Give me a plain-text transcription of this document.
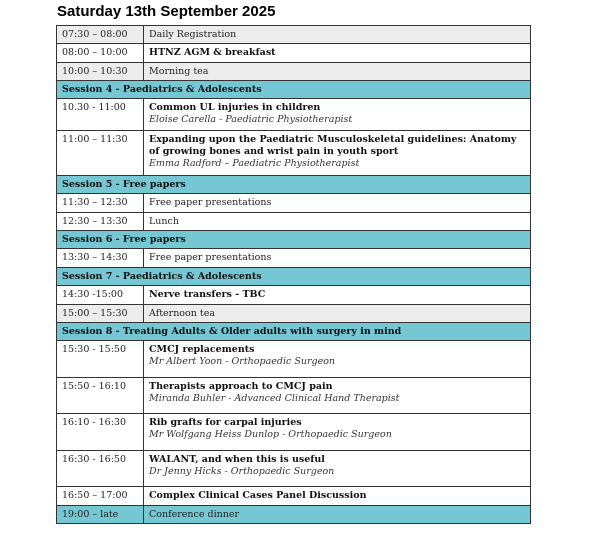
Saturday 13th September 2025
07:30 – 08:00	Daily Registration

08:00 – 10:00	HTNZ AGM & breakfast

10:00 – 10:30	Morning tea

Session 4 - Paediatrics & Adolescents	
10.30 - 11:00	Common UL injuries in children
Eloise Carella - Paediatric Physiotherapist

11:00 – 11:30	Expanding upon the Paediatric Musculoskeletal guidelines: Anatomy of growing bones and wrist pain in youth sport
Emma Radford – Paediatric Physiotherapist

Session 5 - Free papers	
11:30 – 12:30	Free paper presentations

12:30 – 13:30	Lunch

Session 6 - Free papers	
13:30 – 14:30	Free paper presentations

Session 7 - Paediatrics & Adolescents	
14:30 -15:00	Nerve transfers - TBC

15:00 – 15:30	Afternoon tea

Session 8 - Treating Adults & Older adults with surgery in mind	
15:30 - 15:50	CMCJ replacements
Mr Albert Yoon - Orthopaedic Surgeon

15:50 - 16:10	Therapists approach to CMCJ pain
Miranda Buhler - Advanced Clinical Hand Therapist

16:10 - 16:30	Rib grafts for carpal injuries
Mr Wolfgang Heiss Dunlop - Orthopaedic Surgeon

16:30 - 16:50	WALANT, and when this is useful
Dr Jenny Hicks - Orthopaedic Surgeon

16:50 – 17:00	Complex Clinical Cases Panel Discussion

19:00 – late	Conference dinner
